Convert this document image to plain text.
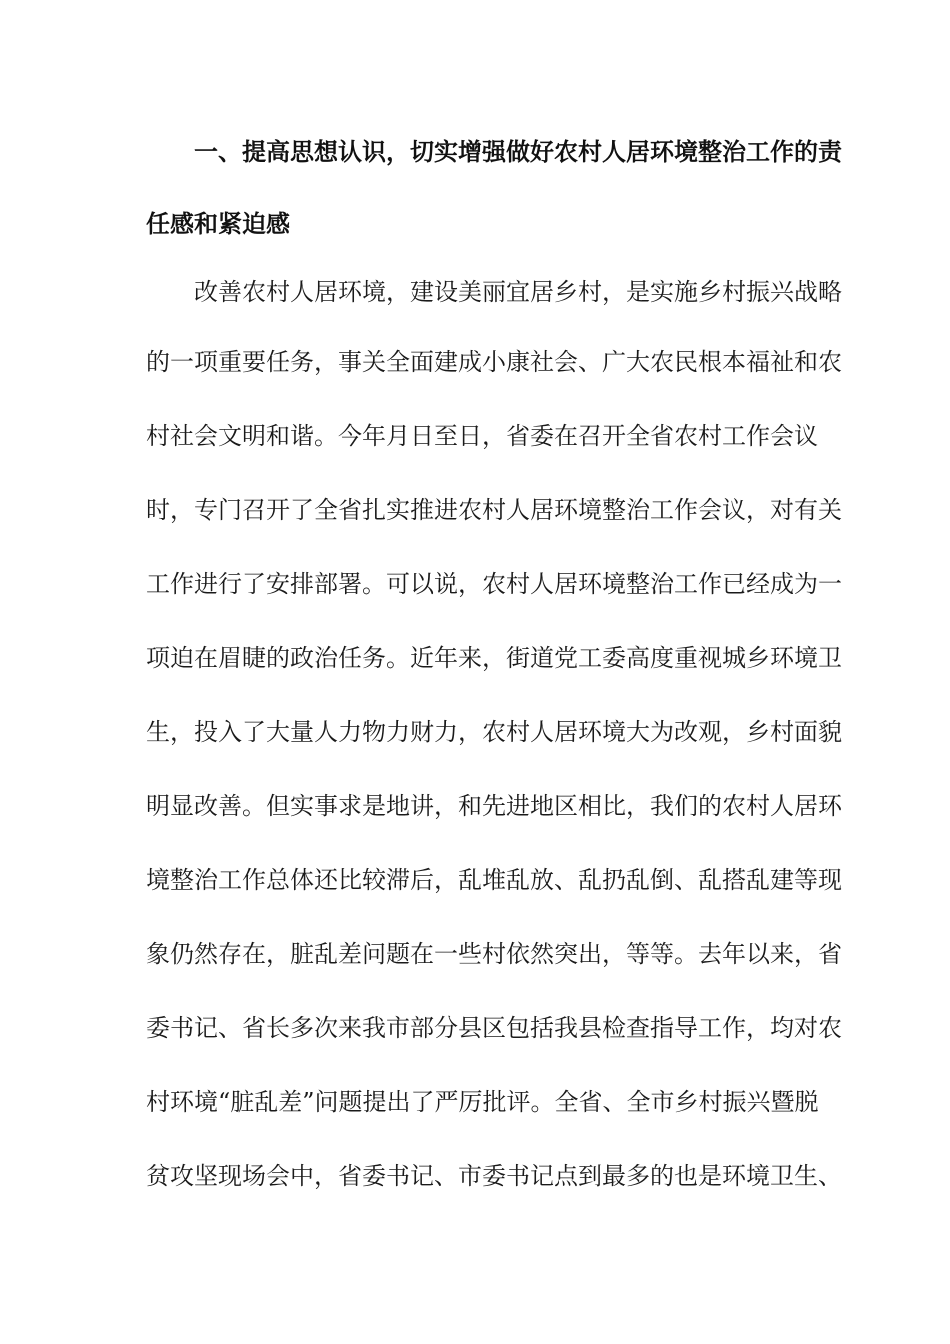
一、提高思想认识，切实增强做好农村人居环境整治工作的责

任感和紧迫感

改善农村人居环境，建设美丽宜居乡村，是实施乡村振兴战略

的一项重要任务，事关全面建成小康社会、广大农民根本福祉和农

村社会文明和谐。今年月日至日，省委在召开全省农村工作会议

时，专门召开了全省扎实推进农村人居环境整治工作会议，对有关

工作进行了安排部署。可以说，农村人居环境整治工作已经成为一

项迫在眉睫的政治任务。近年来，街道党工委高度重视城乡环境卫

生，投入了大量人力物力财力，农村人居环境大为改观，乡村面貌

明显改善。但实事求是地讲，和先进地区相比，我们的农村人居环

境整治工作总体还比较滞后，乱堆乱放、乱扔乱倒、乱搭乱建等现

象仍然存在，脏乱差问题在一些村依然突出，等等。去年以来，省

委书记、省长多次来我市部分县区包括我县检查指导工作，均对农

村环境“脏乱差”问题提出了严厉批评。全省、全市乡村振兴暨脱

贫攻坚现场会中，省委书记、市委书记点到最多的也是环境卫生、
